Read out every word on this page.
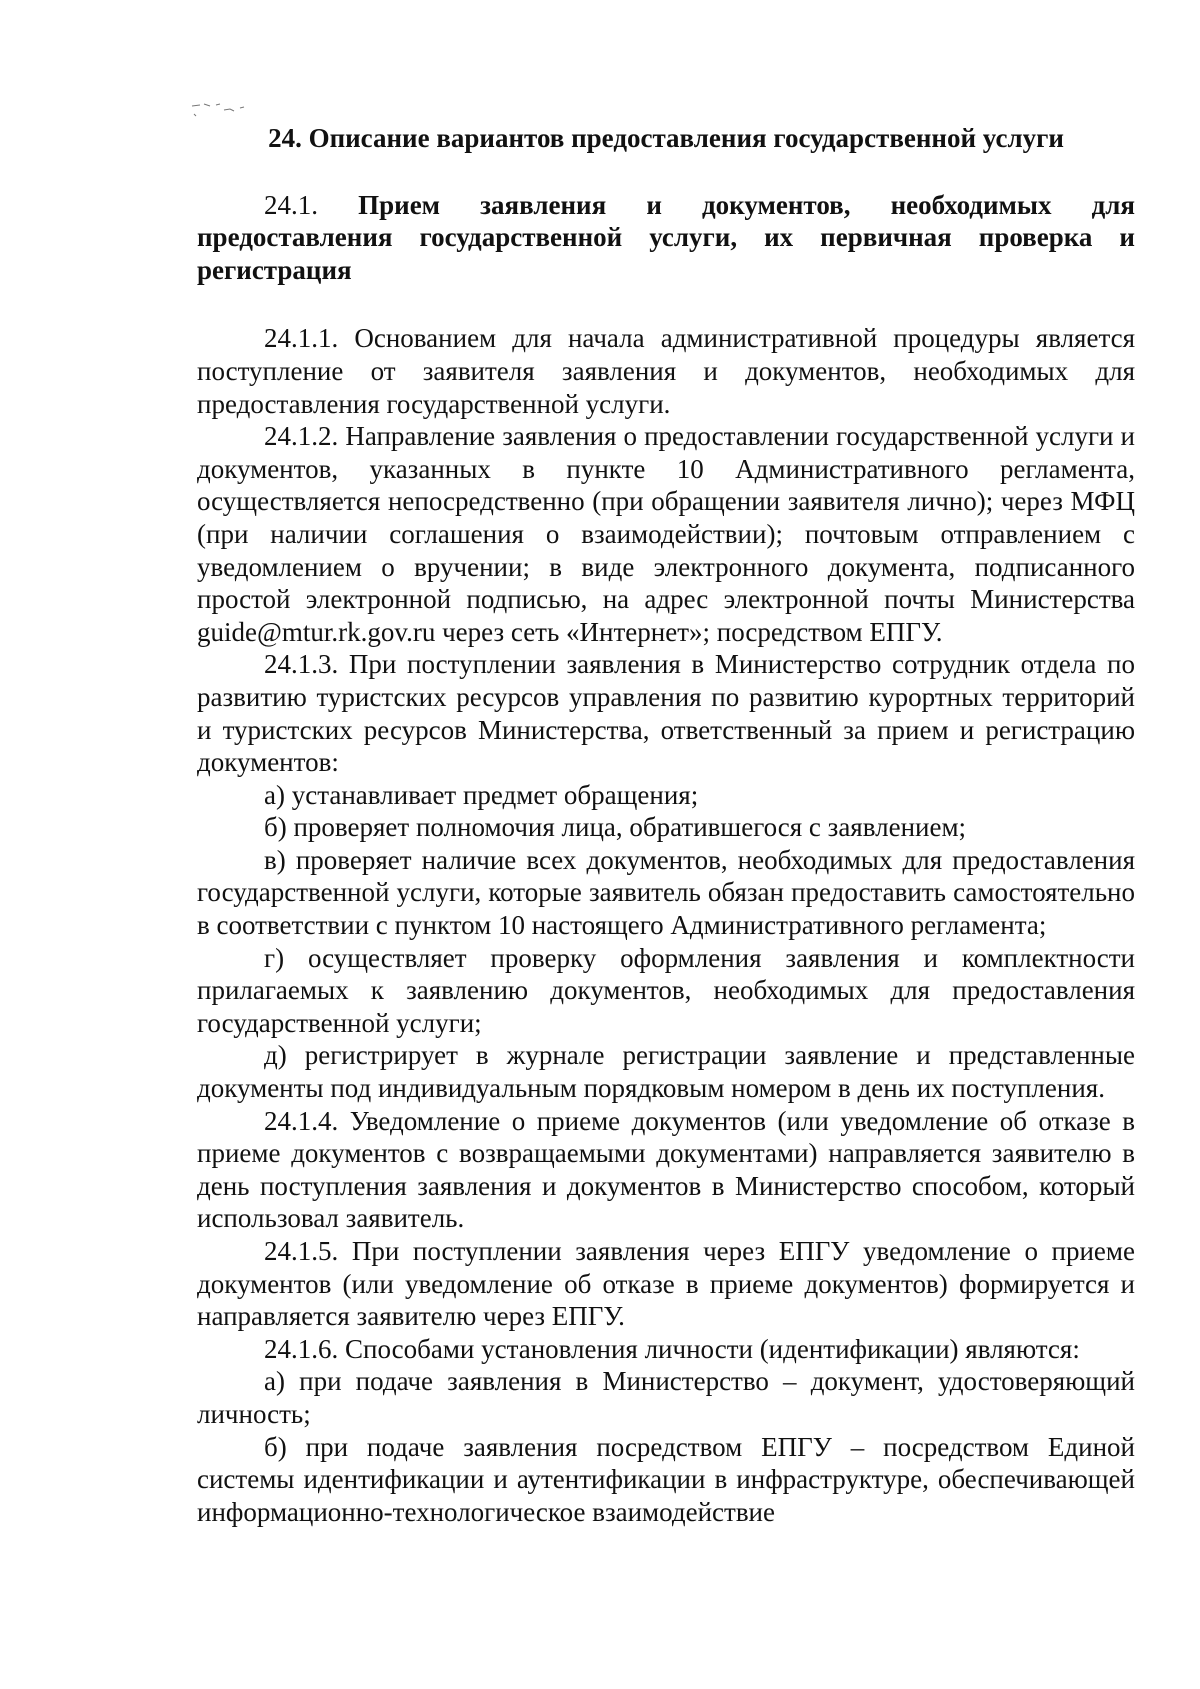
24. Описание вариантов предоставления государственной услуги

24.1. Прием заявления и документов, необходимых для предоставления государственной услуги, их первичная проверка и регистрация

24.1.1. Основанием для начала административной процедуры является поступление от заявителя заявления и документов, необходимых для предоставления государственной услуги.

24.1.2. Направление заявления о предоставлении государственной услуги и документов, указанных в пункте 10 Административного регламента, осуществляется непосредственно (при обращении заявителя лично); через МФЦ (при наличии соглашения о взаимодействии); почтовым отправлением с уведомлением о вручении; в виде электронного документа, подписанного простой электронной подписью, на адрес электронной почты Министерства guide@mtur.rk.gov.ru через сеть «Интернет»; посредством ЕПГУ.

24.1.3. При поступлении заявления в Министерство сотрудник отдела по развитию туристских ресурсов управления по развитию курортных территорий и туристских ресурсов Министерства, ответственный за прием и регистрацию документов:

а) устанавливает предмет обращения;

б) проверяет полномочия лица, обратившегося с заявлением;

в) проверяет наличие всех документов, необходимых для предоставления государственной услуги, которые заявитель обязан предоставить самостоятельно в соответствии с пунктом 10 настоящего Административного регламента;

г) осуществляет проверку оформления заявления и комплектности прилагаемых к заявлению документов, необходимых для предоставления государственной услуги;

д) регистрирует в журнале регистрации заявление и представленные документы под индивидуальным порядковым номером в день их поступления.

24.1.4. Уведомление о приеме документов (или уведомление об отказе в приеме документов с возвращаемыми документами) направляется заявителю в день поступления заявления и документов в Министерство способом, который использовал заявитель.

24.1.5. При поступлении заявления через ЕПГУ уведомление о приеме документов (или уведомление об отказе в приеме документов) формируется и направляется заявителю через ЕПГУ.

24.1.6. Способами установления личности (идентификации) являются:

а) при подаче заявления в Министерство – документ, удостоверяющий личность;

б) при подаче заявления посредством ЕПГУ – посредством Единой системы идентификации и аутентификации в инфраструктуре, обеспечивающей информационно-технологическое взаимодействие
